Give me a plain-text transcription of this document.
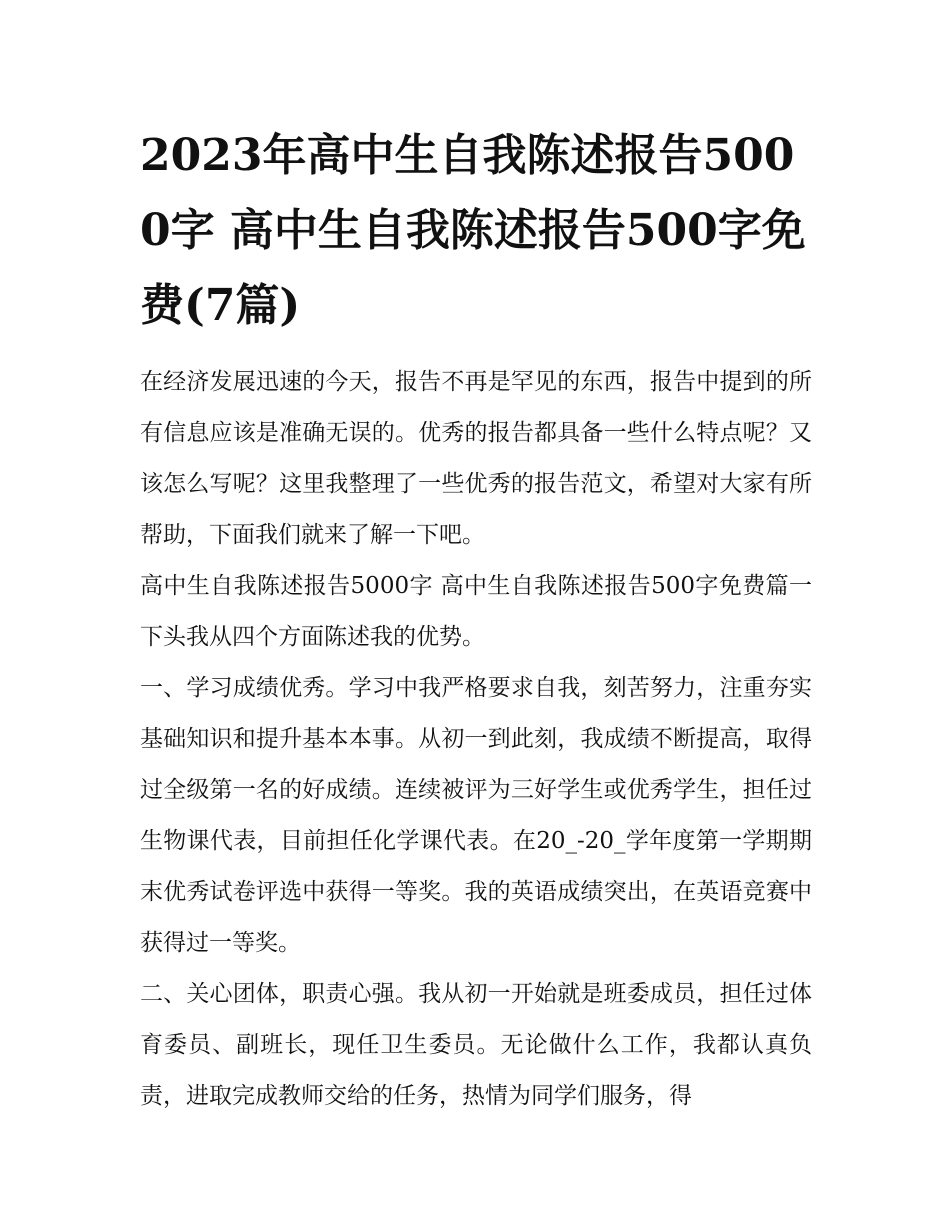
2023年高中生自我陈述报告5000字 高中生自我陈述报告500字免费(7篇)

在经济发展迅速的今天，报告不再是罕见的东西，报告中提到的所有信息应该是准确无误的。优秀的报告都具备一些什么特点呢？又该怎么写呢？这里我整理了一些优秀的报告范文，希望对大家有所帮助，下面我们就来了解一下吧。

高中生自我陈述报告5000字 高中生自我陈述报告500字免费篇一 下头我从四个方面陈述我的优势。

一、学习成绩优秀。学习中我严格要求自我，刻苦努力，注重夯实基础知识和提升基本本事。从初一到此刻，我成绩不断提高，取得过全级第一名的好成绩。连续被评为三好学生或优秀学生，担任过生物课代表，目前担任化学课代表。在20_-20_学年度第一学期期末优秀试卷评选中获得一等奖。我的英语成绩突出，在英语竞赛中获得过一等奖。

二、关心团体，职责心强。我从初一开始就是班委成员，担任过体育委员、副班长，现任卫生委员。无论做什么工作，我都认真负责，进取完成教师交给的任务，热情为同学们服务，得
